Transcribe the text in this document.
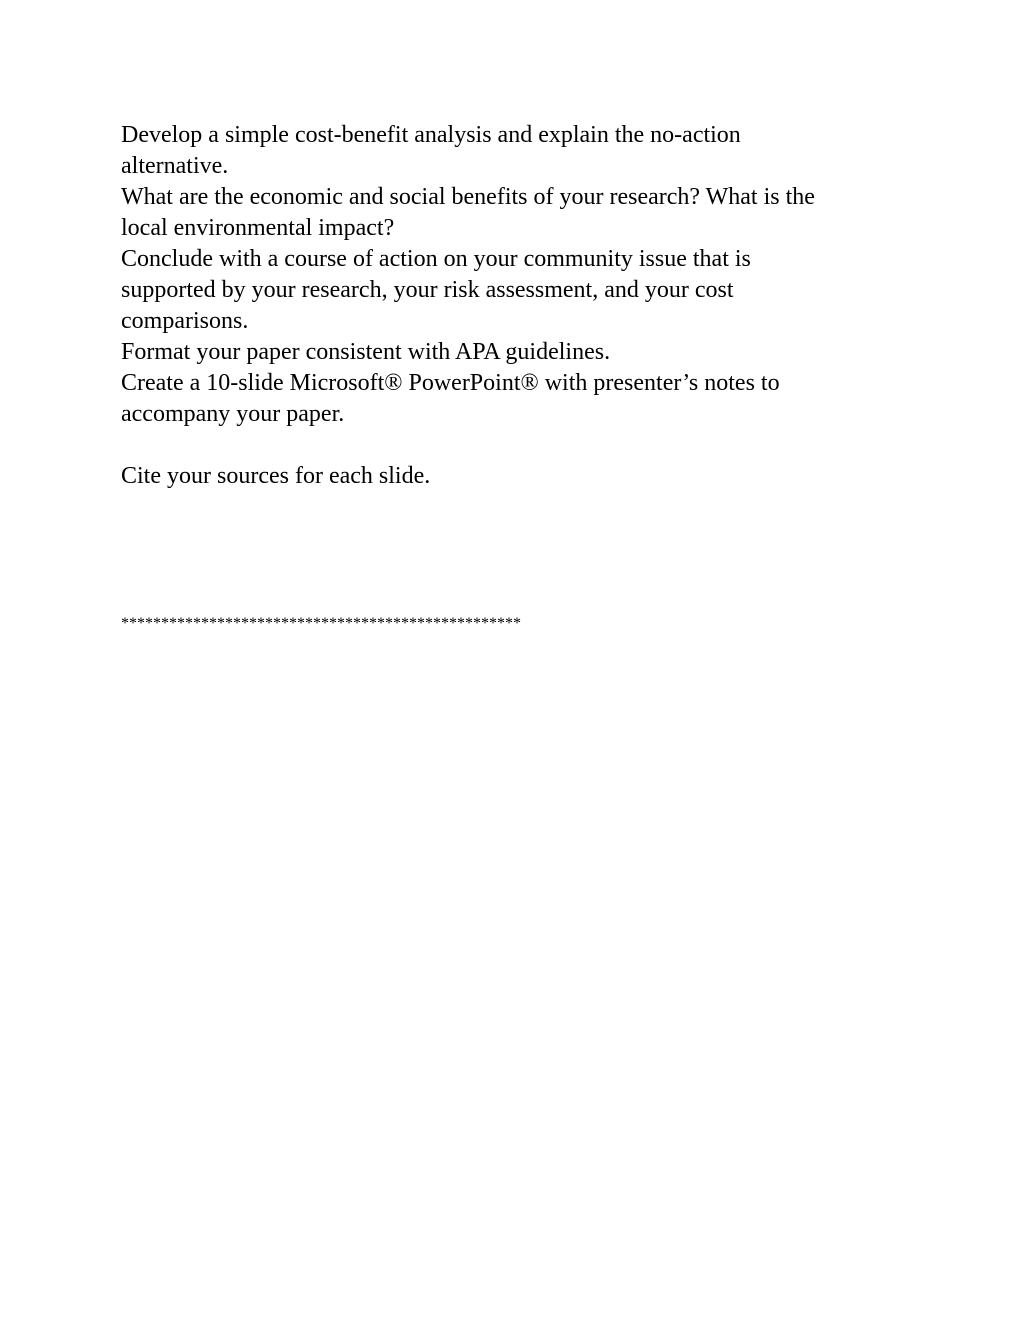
Develop a simple cost-benefit analysis and explain the no-action
alternative.

What are the economic and social benefits of your research? What is the
local environmental impact?

Conclude with a course of action on your community issue that is
supported by your research, your risk assessment, and your cost
comparisons.

Format your paper consistent with APA guidelines.

Create a 10-slide Microsoft® PowerPoint® with presenter’s notes to
accompany your paper.

Cite your sources for each slide.

**************************************************
